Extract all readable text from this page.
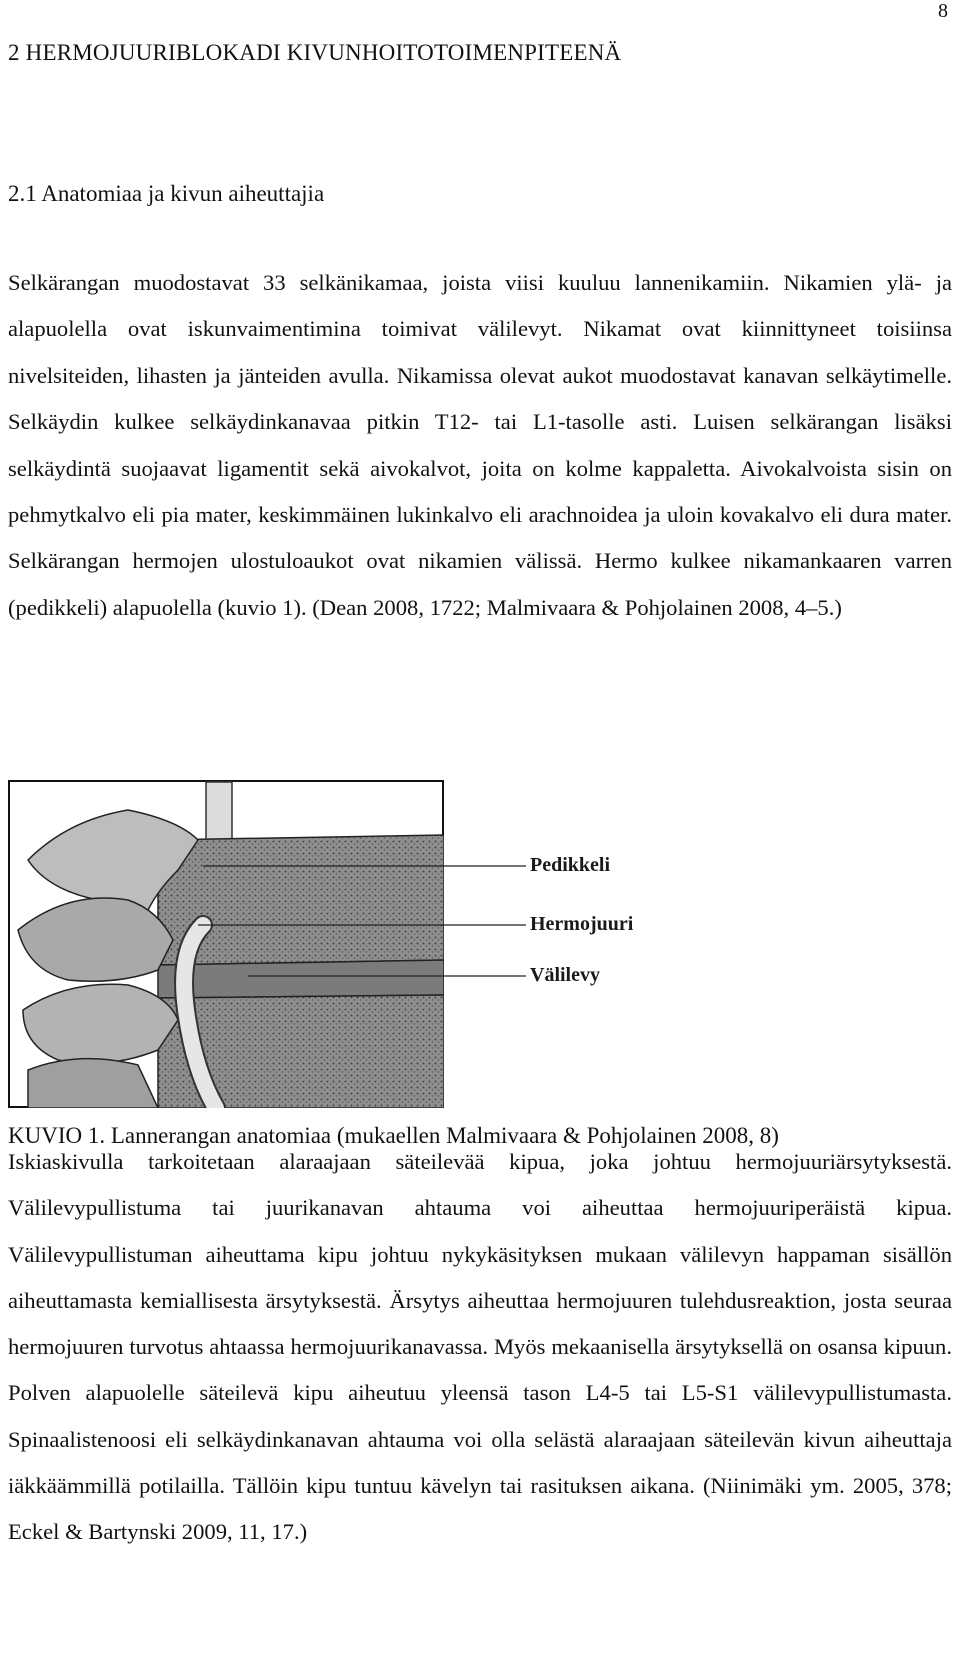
8
2 HERMOJUURIBLOKADI KIVUNHOITOTOIMENPITEENÄ
2.1 Anatomiaa ja kivun aiheuttajia

Selkärangan muodostavat 33 selkänikamaa, joista viisi kuuluu lannenikamiin. Nikamien ylä- ja alapuolella ovat iskunvaimentimina toimivat välilevyt. Nikamat ovat kiinnittyneet toisiinsa nivelsiteiden, lihasten ja jänteiden avulla. Nikamissa olevat aukot muodostavat kanavan selkäytimelle. Selkäydin kulkee selkäydinkanavaa pitkin T12- tai L1-tasolle asti. Luisen selkärangan lisäksi selkäydintä suojaavat ligamentit sekä aivokalvot, joita on kolme kappaletta. Aivokalvoista sisin on pehmytkalvo eli pia mater, keskimmäinen lukinkalvo eli arachnoidea ja uloin kovakalvo eli dura mater. Selkärangan hermojen ulostuloaukot ovat nikamien välissä. Hermo kulkee nikamankaaren varren (pedikkeli) alapuolella (kuvio 1). (Dean 2008, 1722; Malmivaara & Pohjolainen 2008, 4–5.)

Pedikkeli
Hermojuuri
Välilevy
KUVIO 1. Lannerangan anatomiaa (mukaellen Malmivaara & Pohjolainen 2008, 8)

Iskiaskivulla tarkoitetaan alaraajaan säteilevää kipua, joka johtuu hermojuuriärsytyksestä. Välilevypullistuma tai juurikanavan ahtauma voi aiheuttaa hermojuuriperäistä kipua. Välilevypullistuman aiheuttama kipu johtuu nykykäsityksen mukaan välilevyn happaman sisällön aiheuttamasta kemiallisesta ärsytyksestä. Ärsytys aiheuttaa hermojuuren tulehdusreaktion, josta seuraa hermojuuren turvotus ahtaassa hermojuurikanavassa. Myös mekaanisella ärsytyksellä on osansa kipuun. Polven alapuolelle säteilevä kipu aiheutuu yleensä tason L4-5 tai L5-S1 välilevypullistumasta. Spinaalistenoosi eli selkäydinkanavan ahtauma voi olla selästä alaraajaan säteilevän kivun aiheuttaja iäkkäämmillä potilailla. Tällöin kipu tuntuu kävelyn tai rasituksen aikana. (Niinimäki ym. 2005, 378; Eckel & Bartynski 2009, 11, 17.)
